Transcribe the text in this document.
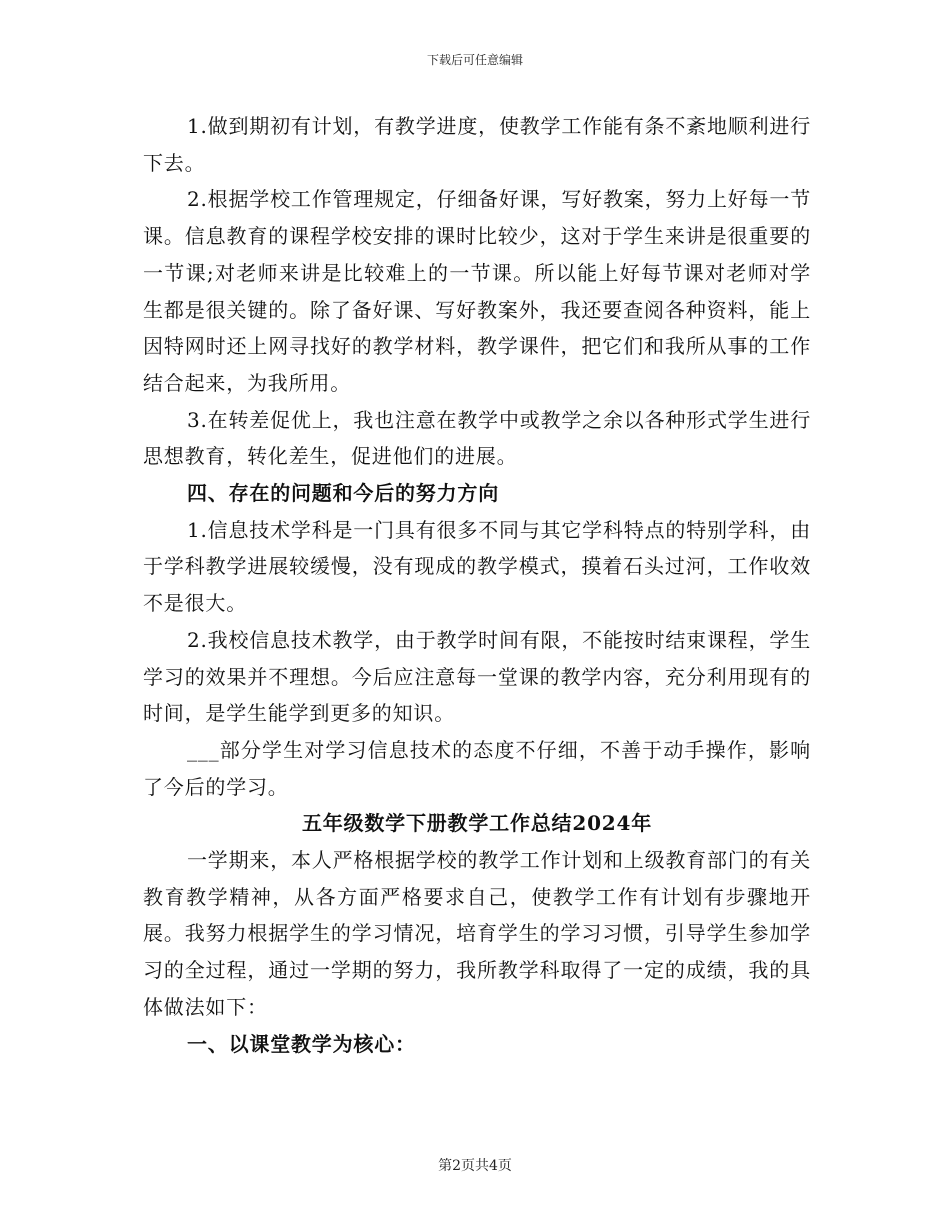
下载后可任意编辑

1.做到期初有计划，有教学进度，使教学工作能有条不紊地顺利进行下去。

2.根据学校工作管理规定，仔细备好课，写好教案，努力上好每一节课。信息教育的课程学校安排的课时比较少，这对于学生来讲是很重要的一节课;对老师来讲是比较难上的一节课。所以能上好每节课对老师对学生都是很关键的。除了备好课、写好教案外，我还要查阅各种资料，能上因特网时还上网寻找好的教学材料，教学课件，把它们和我所从事的工作结合起来，为我所用。

3.在转差促优上，我也注意在教学中或教学之余以各种形式学生进行思想教育，转化差生，促进他们的进展。

四、存在的问题和今后的努力方向

1.信息技术学科是一门具有很多不同与其它学科特点的特别学科，由于学科教学进展较缓慢，没有现成的教学模式，摸着石头过河，工作收效不是很大。

2.我校信息技术教学，由于教学时间有限，不能按时结束课程，学生学习的效果并不理想。今后应注意每一堂课的教学内容，充分利用现有的时间，是学生能学到更多的知识。

___部分学生对学习信息技术的态度不仔细，不善于动手操作，影响了今后的学习。

五年级数学下册教学工作总结2024年

一学期来，本人严格根据学校的教学工作计划和上级教育部门的有关教育教学精神，从各方面严格要求自己，使教学工作有计划有步骤地开展。我努力根据学生的学习情况，培育学生的学习习惯，引导学生参加学习的全过程，通过一学期的努力，我所教学科取得了一定的成绩，我的具体做法如下：

一、以课堂教学为核心：

第2页共4页
